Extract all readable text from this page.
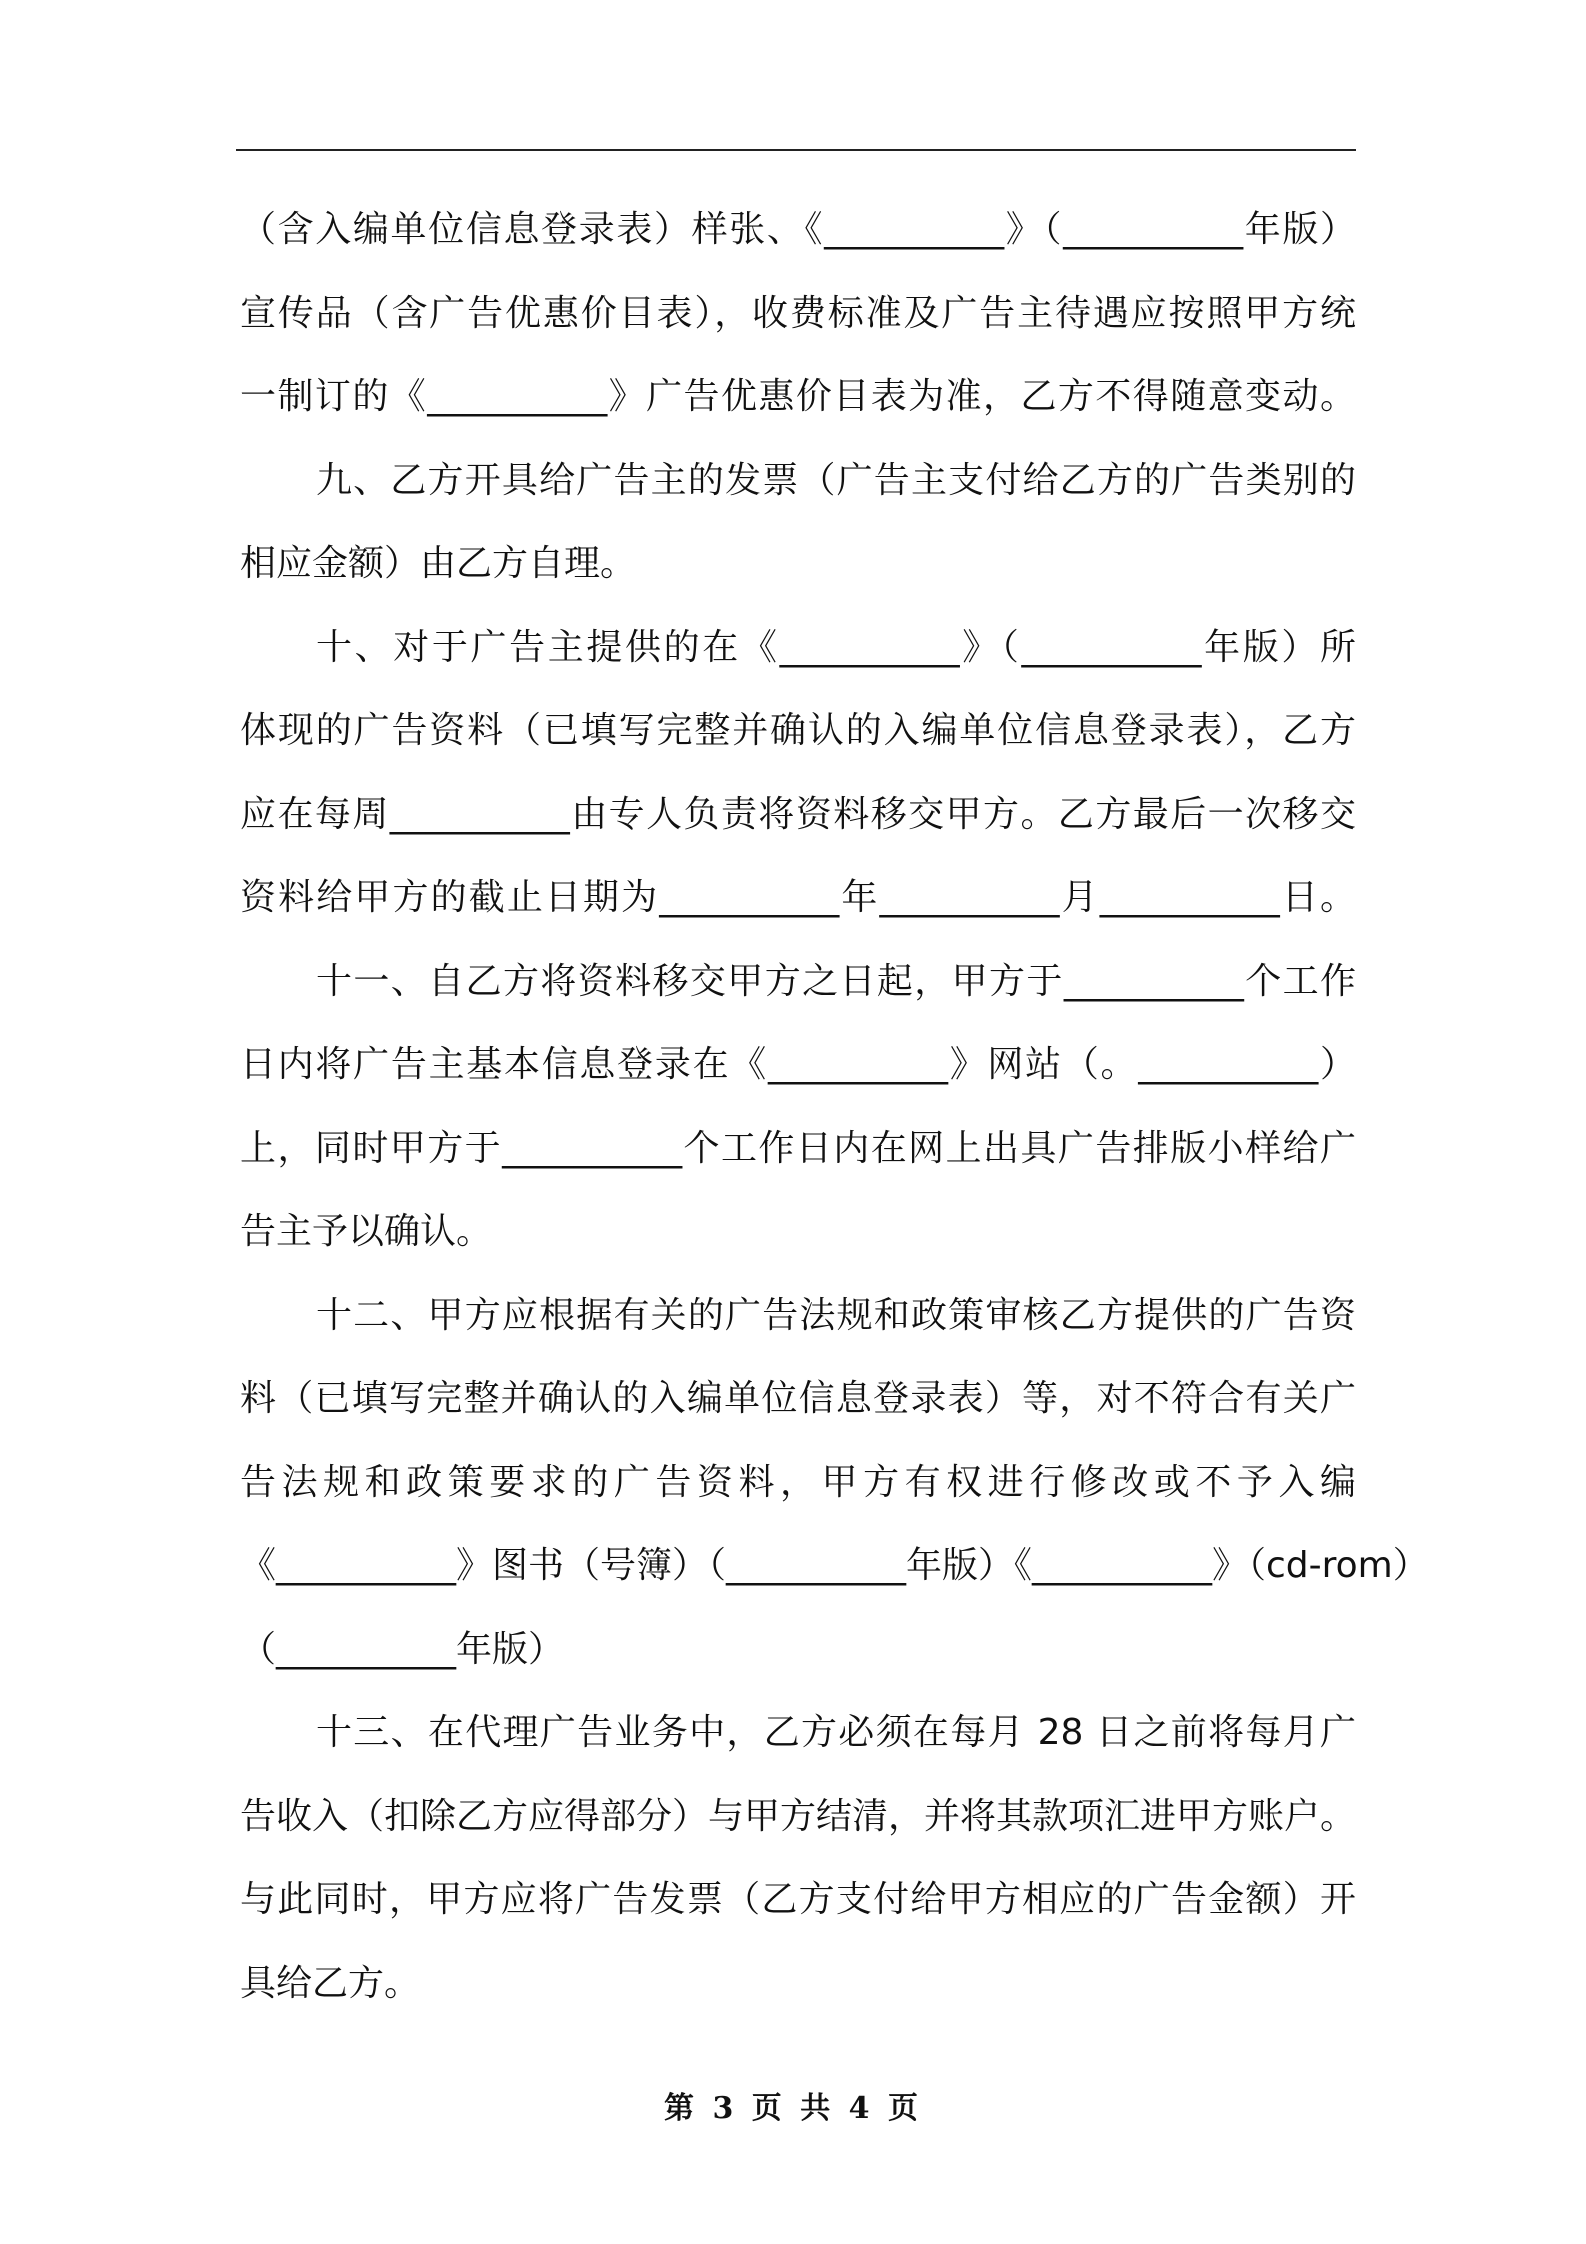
（含入编单位信息登录表）样张、《__________》（__________年版）
宣传品（含广告优惠价目表），收费标准及广告主待遇应按照甲方统
一制订的《__________》广告优惠价目表为准，乙方不得随意变动。
九、乙方开具给广告主的发票（广告主支付给乙方的广告类别的
相应金额）由乙方自理。
十、对于广告主提供的在《__________》（__________年版）所
体现的广告资料（已填写完整并确认的入编单位信息登录表），乙方
应在每周__________由专人负责将资料移交甲方。乙方最后一次移交
资料给甲方的截止日期为__________年__________月__________日。
十一、自乙方将资料移交甲方之日起，甲方于__________个工作
日内将广告主基本信息登录在《__________》网站（。__________）
上，同时甲方于__________个工作日内在网上出具广告排版小样给广
告主予以确认。
十二、甲方应根据有关的广告法规和政策审核乙方提供的广告资
料（已填写完整并确认的入编单位信息登录表）等，对不符合有关广
告法规和政策要求的广告资料，甲方有权进行修改或不予入编
《__________》图书（号簿）（__________年版）《__________》（cd-rom）
（__________年版）
十三、在代理广告业务中，乙方必须在每月 28 日之前将每月广
告收入（扣除乙方应得部分）与甲方结清，并将其款项汇进甲方账户。
与此同时，甲方应将广告发票（乙方支付给甲方相应的广告金额）开
具给乙方。
第 3 页 共 4 页
